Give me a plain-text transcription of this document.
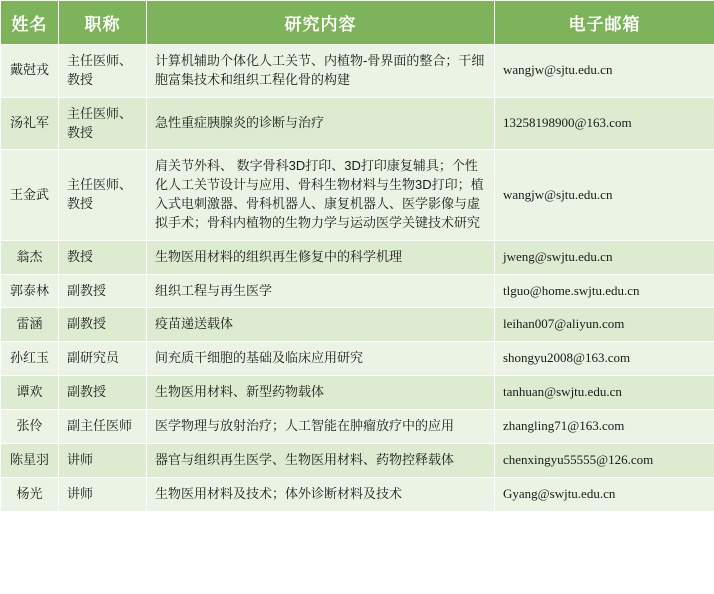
姓名	职称	研究内容	电子邮箱
戴尅戎	主任医师、教授	计算机辅助个体化人工关节、内植物-骨界面的整合；干细胞富集技术和组织工程化骨的构建	wangjw@sjtu.edu.cn
汤礼军	主任医师、教授	急性重症胰腺炎的诊断与治疗	13258198900@163.com
王金武	主任医师、教授	肩关节外科、 数字骨科3D打印、3D打印康复辅具；个性化人工关节设计与应用、骨科生物材料与生物3D打印；植入式电刺激器、骨科机器人、康复机器人、医学影像与虚拟手术；骨科内植物的生物力学与运动医学关键技术研究	wangjw@sjtu.edu.cn
翁杰	教授	生物医用材料的组织再生修复中的科学机理	jweng@swjtu.edu.cn
郭泰林	副教授	组织工程与再生医学	tlguo@home.swjtu.edu.cn
雷涵	副教授	疫苗递送载体	leihan007@aliyun.com
孙红玉	副研究员	间充质干细胞的基础及临床应用研究	shongyu2008@163.com
谭欢	副教授	生物医用材料、新型药物载体	tanhuan@swjtu.edu.cn
张伶	副主任医师	医学物理与放射治疗；人工智能在肿瘤放疗中的应用	zhangling71@163.com
陈星羽	讲师	器官与组织再生医学、生物医用材料、药物控释载体	chenxingyu55555@126.com
杨光	讲师	生物医用材料及技术；体外诊断材料及技术	Gyang@swjtu.edu.cn
